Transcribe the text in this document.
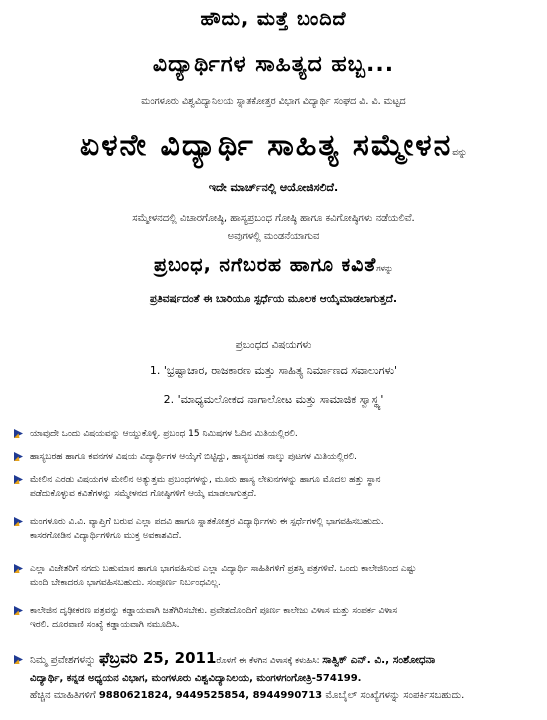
ಹೌದು, ಮತ್ತೆ ಬಂದಿದೆ
ವಿದ್ಯಾರ್ಥಿಗಳ ಸಾಹಿತ್ಯದ ಹಬ್ಬ...
ಮಂಗಳೂರು ವಿಶ್ವವಿದ್ಯಾನಿಲಯ ಸ್ನಾತಕೋತ್ತರ ವಿಭಾಗ ವಿದ್ಯಾರ್ಥಿ ಸಂಘದ ವಿ. ವಿ. ಮಟ್ಟದ
ಏಳನೇ ವಿದ್ಯಾರ್ಥಿ ಸಾಹಿತ್ಯ ಸಮ್ಮೇಳನವನ್ನು
ಇದೇ ಮಾರ್ಚ್‌ನಲ್ಲಿ ಆಯೋಜಿಸಲಿದೆ.
ಸಮ್ಮೇಳನದಲ್ಲಿ ವಿಚಾರಗೋಷ್ಠಿ, ಹಾಸ್ಯಪ್ರಬಂಧ ಗೋಷ್ಠಿ ಹಾಗೂ ಕವಿಗೋಷ್ಠಿಗಳು ನಡೆಯಲಿವೆ.
ಅವುಗಳಲ್ಲಿ ಮಂಡನೆಯಾಗುವ
ಪ್ರಬಂಧ, ನಗೆಬರಹ ಹಾಗೂ ಕವಿತೆಗಳನ್ನು
ಪ್ರತಿವರ್ಷದಂತೆ ಈ ಬಾರಿಯೂ ಸ್ಪರ್ಧೆಯ ಮೂಲಕ ಆಯ್ಕೆಮಾಡಲಾಗುತ್ತದೆ.
ಪ್ರಬಂಧದ ವಿಷಯಗಳು
1. 'ಭ್ರಷ್ಟಾಚಾರ, ರಾಜಕಾರಣ ಮತ್ತು ಸಾಹಿತ್ಯ ನಿರ್ಮಾಣದ ಸವಾಲುಗಳು'
2. 'ಮಾಧ್ಯಮಲೋಕದ ನಾಗಾಲೋಟ ಮತ್ತು ಸಾಮಾಜಿಕ ಸ್ವಾಸ್ಥ್ಯ'
ಯಾವುದೇ ಒಂದು ವಿಷಯವನ್ನು ಆಯ್ದುಕೊಳ್ಳಿ. ಪ್ರಬಂಧ 15 ನಿಮಿಷಗಳ ಓದಿನ ಮಿತಿಯಲ್ಲಿರಲಿ.
ಹಾಸ್ಯಬರಹ ಹಾಗೂ ಕವನಗಳ ವಿಷಯ ವಿದ್ಯಾರ್ಥಿಗಳ ಆಯ್ಕೆಗೆ ಬಿಟ್ಟಿದ್ದು, ಹಾಸ್ಯಬರಹ ನಾಲ್ಕು ಪುಟಗಳ ಮಿತಿಯಲ್ಲಿರಲಿ.
ಮೇಲಿನ ಎರಡು ವಿಷಯಗಳ ಮೇಲಿನ ಅತ್ಯುತ್ತಮ ಪ್ರಬಂಧಗಳನ್ನು, ಮೂರು ಹಾಸ್ಯ ಲೇಖನಗಳನ್ನು ಹಾಗೂ ಮೊದಲ ಹತ್ತು ಸ್ಥಾನ
ಪಡೆದುಕೊಳ್ಳುವ ಕವಿತೆಗಳನ್ನು ಸಮ್ಮೇಳನದ ಗೋಷ್ಠಿಗಳಿಗೆ ಆಯ್ಕೆ ಮಾಡಲಾಗುತ್ತದೆ.
ಮಂಗಳೂರು ವಿ.ವಿ. ವ್ಯಾಪ್ತಿಗೆ ಬರುವ ಎಲ್ಲಾ ಪದವಿ ಹಾಗೂ ಸ್ನಾತಕೋತ್ತರ ವಿದ್ಯಾರ್ಥಿಗಳು ಈ ಸ್ಪರ್ಧೆಗಳಲ್ಲಿ ಭಾಗವಹಿಸಬಹುದು.
ಕಾಸರಗೋಡಿನ ವಿದ್ಯಾರ್ಥಿಗಳಿಗೂ ಮುಕ್ತ ಅವಕಾಶವಿದೆ.
ಎಲ್ಲಾ ವಿಜೇತರಿಗೆ ನಗದು ಬಹುಮಾನ ಹಾಗೂ ಭಾಗವಹಿಸುವ ಎಲ್ಲಾ ವಿದ್ಯಾರ್ಥಿ ಸಾಹಿತಿಗಳಿಗೆ ಪ್ರಶಸ್ತಿ ಪತ್ರಗಳಿವೆ. ಒಂದು ಕಾಲೇಜಿನಿಂದ ಎಷ್ಟು
ಮಂದಿ ಬೇಕಾದರೂ ಭಾಗವಹಿಸಬಹುದು. ಸಂಪೂರ್ಣ ನಿರ್ಬಂಧವಿಲ್ಲ.
ಕಾಲೇಜಿನ ದೃಢೀಕರಣ ಪತ್ರವನ್ನು ಕಡ್ಡಾಯವಾಗಿ ಜತೆಗಿರಿಸಬೇಕು. ಪ್ರವೇಶದೊಂದಿಗೆ ಪೂರ್ಣ ಕಾಲೇಜು ವಿಳಾಸ ಮತ್ತು ಸಂಪರ್ಕ ವಿಳಾಸ
ಇರಲಿ. ದೂರವಾಣಿ ಸಂಖ್ಯೆ ಕಡ್ಡಾಯವಾಗಿ ನಮೂದಿಸಿ.
ನಿಮ್ಮ ಪ್ರವೇಶಗಳನ್ನು ಫೆಬ್ರವರಿ 25, 2011ರೊಳಗೆ ಈ ಕೆಳಗಿನ ವಿಳಾಸಕ್ಕೆ ಕಳುಹಿಸಿ: ಸಾತ್ವಿಕ್ ಎನ್. ವಿ., ಸಂಶೋಧನಾ
ವಿದ್ಯಾರ್ಥಿ, ಕನ್ನಡ ಅಧ್ಯಯನ ವಿಭಾಗ, ಮಂಗಳೂರು ವಿಶ್ವವಿದ್ಯಾನಿಲಯ, ಮಂಗಳಗಂಗೋತ್ರಿ-574199.
ಹೆಚ್ಚಿನ ಮಾಹಿತಿಗಳಿಗೆ 9880621824, 9449525854, 8944990713 ಮೊಬೈಲ್ ಸಂಖ್ಯೆಗಳನ್ನು ಸಂಪರ್ಕಿಸಬಹುದು.
